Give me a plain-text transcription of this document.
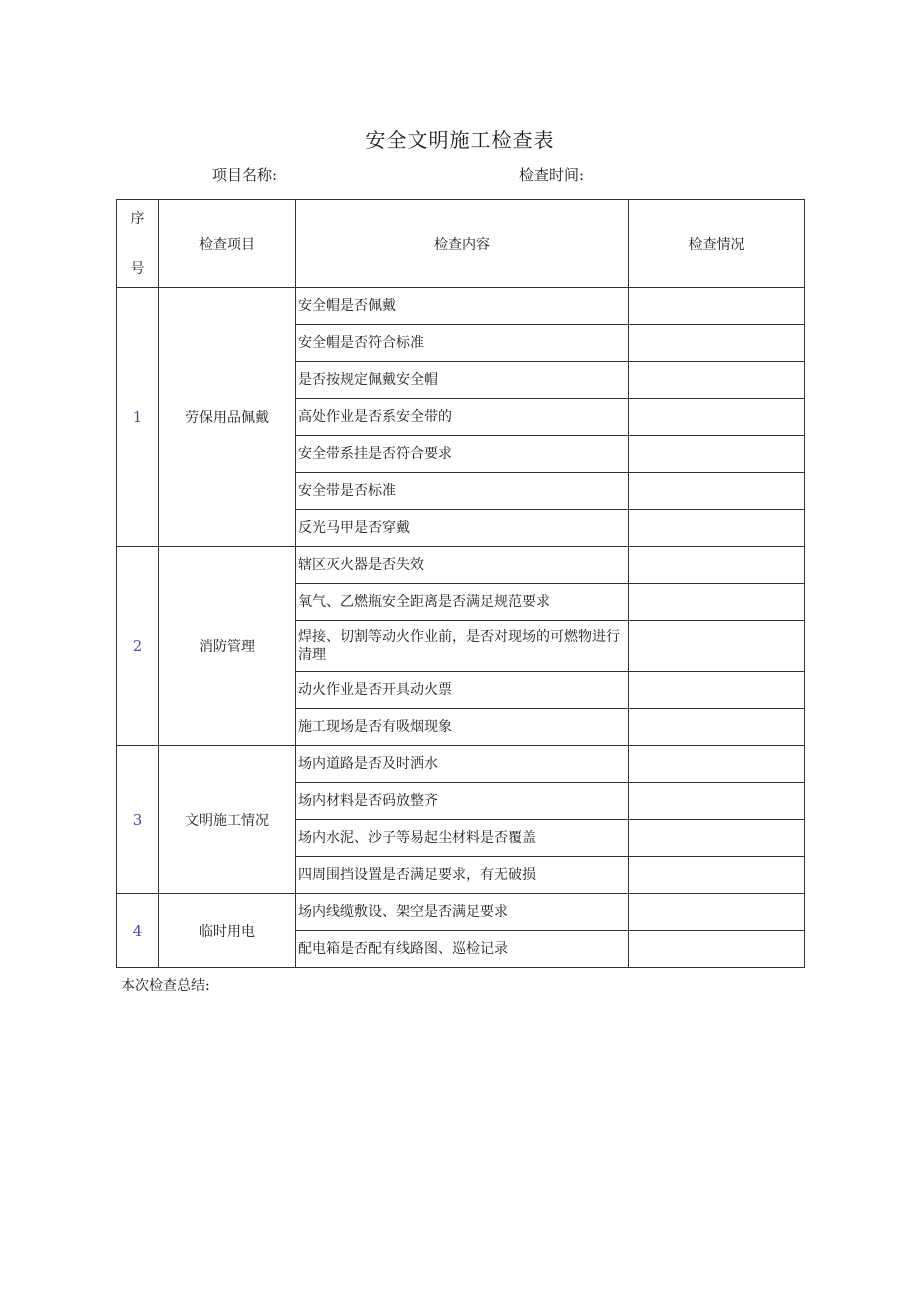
安全文明施工检查表
项目名称:	检查时间:
序
号	检查项目	检查内容	检查情况
1	劳保用品佩戴	安全帽是否佩戴	
		安全帽是否符合标准	
		是否按规定佩戴安全帽	
		高处作业是否系安全带的	
		安全带系挂是否符合要求	
		安全带是否标准	
		反光马甲是否穿戴	
2	消防管理	辖区灭火器是否失效	
		氧气、乙燃瓶安全距离是否满足规范要求	
		焊接、切割等动火作业前，是否对现场的可燃物进行清理	
		动火作业是否开具动火票	
		施工现场是否有吸烟现象	
3	文明施工情况	场内道路是否及时洒水	
		场内材料是否码放整齐	
		场内水泥、沙子等易起尘材料是否覆盖	
		四周围挡设置是否满足要求，有无破损	
4	临时用电	场内线缆敷设、架空是否满足要求	
		配电箱是否配有线路图、巡检记录	
本次检查总结:
